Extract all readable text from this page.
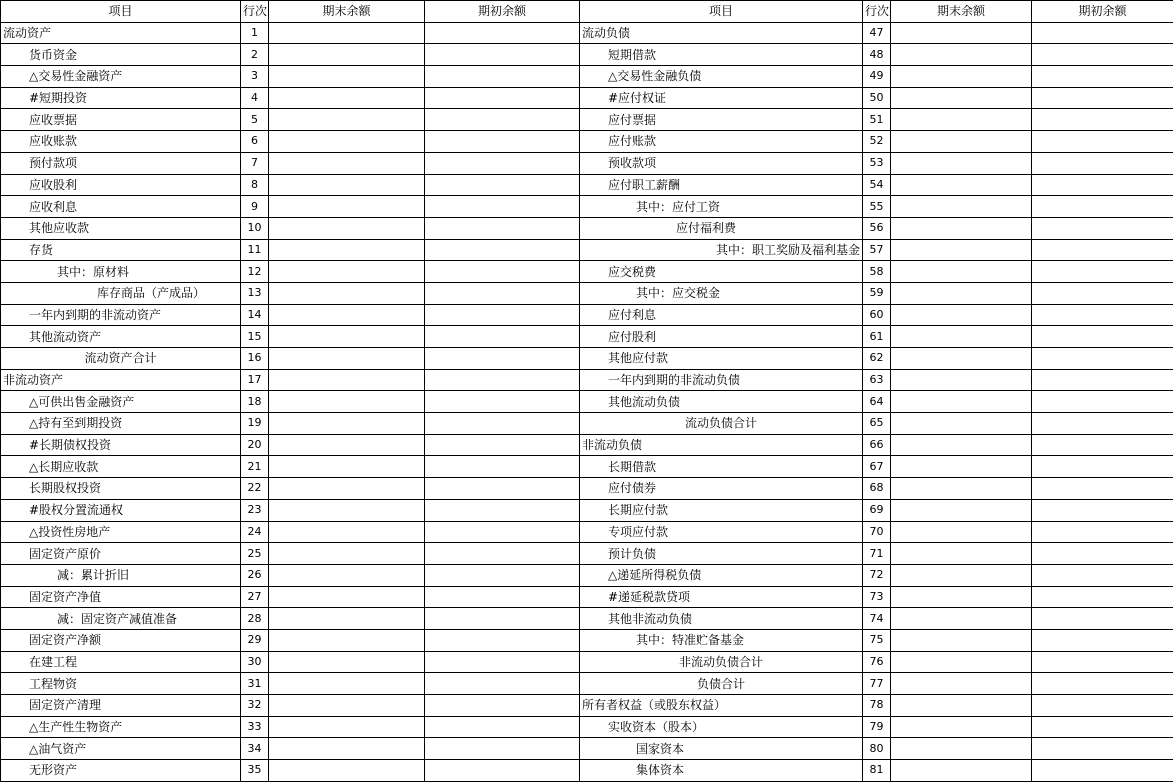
项目	行次	期末余额	期初余额	项目	行次	期末余额	期初余额
流动资产	1			流动负债	47		
货币资金	2			短期借款	48		
△交易性金融资产	3			△交易性金融负债	49		
#短期投资	4			#应付权证	50		
应收票据	5			应付票据	51		
应收账款	6			应付账款	52		
预付款项	7			预收款项	53		
应收股利	8			应付职工薪酬	54		
应收利息	9			其中：应付工资	55		
其他应收款	10			应付福利费	56		
存货	11			其中：职工奖励及福利基金	57		
其中：原材料	12			应交税费	58		
库存商品（产成品）	13			其中：应交税金	59		
一年内到期的非流动资产	14			应付利息	60		
其他流动资产	15			应付股利	61		
流动资产合计	16			其他应付款	62		
非流动资产	17			一年内到期的非流动负债	63		
△可供出售金融资产	18			其他流动负债	64		
△持有至到期投资	19			流动负债合计	65		
#长期债权投资	20			非流动负债	66		
△长期应收款	21			长期借款	67		
长期股权投资	22			应付债券	68		
#股权分置流通权	23			长期应付款	69		
△投资性房地产	24			专项应付款	70		
固定资产原价	25			预计负债	71		
减：累计折旧	26			△递延所得税负债	72		
固定资产净值	27			#递延税款贷项	73		
减：固定资产减值准备	28			其他非流动负债	74		
固定资产净额	29			其中：特准贮备基金	75		
在建工程	30			非流动负债合计	76		
工程物资	31			负债合计	77		
固定资产清理	32			所有者权益（或股东权益）	78		
△生产性生物资产	33			实收资本（股本）	79		
△油气资产	34			国家资本	80		
无形资产	35			集体资本	81		
